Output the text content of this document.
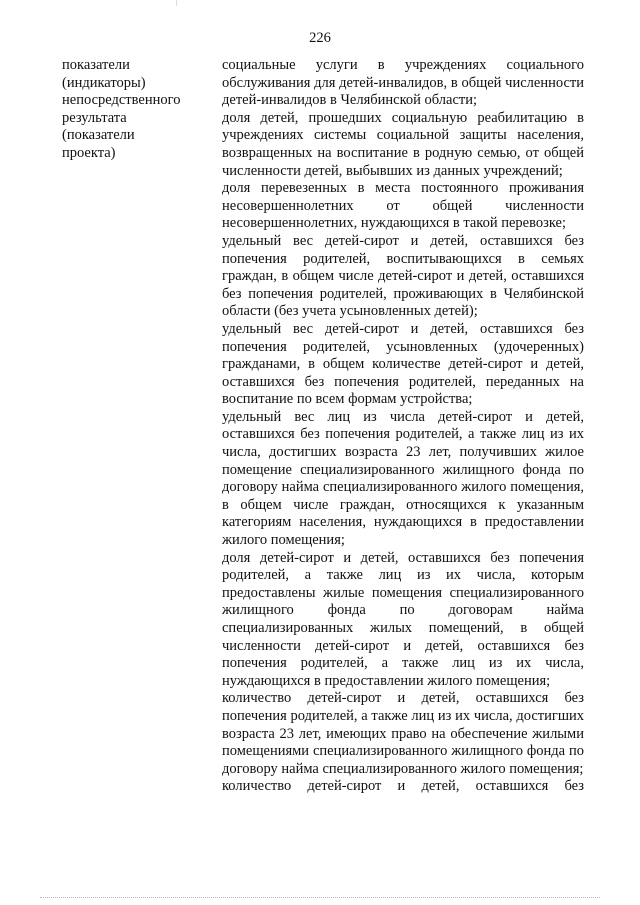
226
показатели
(индикаторы)
непосредственного
результата
(показатели
проекта)
социальные услуги в учреждениях социального обслуживания для детей-инвалидов, в общей численности детей-инвалидов в Челябинской области;
доля детей, прошедших социальную реабилитацию в учреждениях системы социальной защиты населения, возвращенных на воспитание в родную семью, от общей численности детей, выбывших из данных учреждений;
доля перевезенных в места постоянного проживания несовершеннолетних от общей численности несовершеннолетних, нуждающихся в такой перевозке;
удельный вес детей-сирот и детей, оставшихся без попечения родителей, воспитывающихся в семьях граждан, в общем числе детей-сирот и детей, оставшихся без попечения родителей, проживающих в Челябинской области (без учета усыновленных детей);
удельный вес детей-сирот и детей, оставшихся без попечения родителей, усыновленных (удочеренных) гражданами, в общем количестве детей-сирот и детей, оставшихся без попечения родителей, переданных на воспитание по всем формам устройства;
удельный вес лиц из числа детей-сирот и детей, оставшихся без попечения родителей, а также лиц из их числа, достигших возраста 23 лет, получивших жилое помещение специализированного жилищного фонда по договору найма специализированного жилого помещения, в общем числе граждан, относящихся к указанным категориям населения, нуждающихся в предоставлении жилого помещения;
доля детей-сирот и детей, оставшихся без попечения родителей, а также лиц из их числа, которым предоставлены жилые помещения специализированного жилищного фонда по договорам найма специализированных жилых помещений, в общей численности детей-сирот и детей, оставшихся без попечения родителей, а также лиц из их числа, нуждающихся в предоставлении жилого помещения;
количество детей-сирот и детей, оставшихся без попечения родителей, а также лиц из их числа, достигших возраста 23 лет, имеющих право на обеспечение жилыми помещениями специализированного жилищного фонда по договору найма специализированного жилого помещения;
количество детей-сирот и детей, оставшихся без
